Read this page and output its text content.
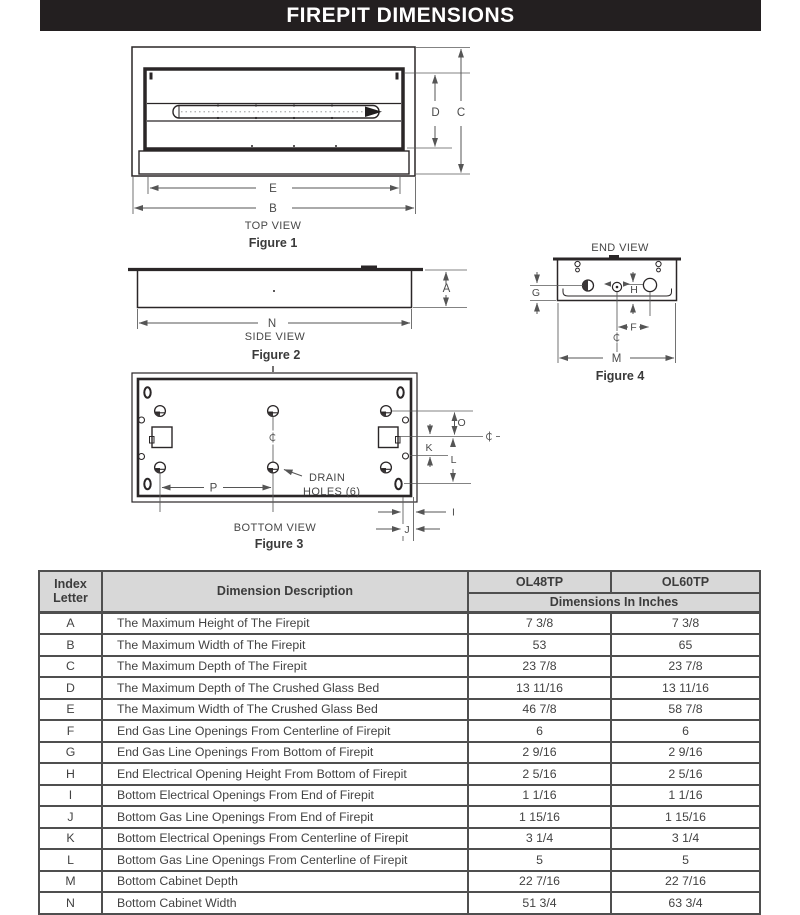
FIREPIT DIMENSIONS
D C
E
B
TOP VIEW
Figure 1
A
N
SIDE VIEW
Figure 2
END VIEW
G	H
F
M
Figure 4
P
DRAIN
HOLES (6)
O
K
L
I
J
BOTTOM VIEW
Figure 3
Index Letter	Dimension Description	OL48TP	OL60TP
		Dimensions In Inches	
A	The Maximum Height of The Firepit	7 3/8	7 3/8
B	The Maximum Width of The Firepit	53	65
C	The Maximum Depth of The Firepit	23 7/8	23 7/8
D	The Maximum Depth of The Crushed Glass Bed	13 11/16	13 11/16
E	The Maximum Width of The Crushed Glass Bed	46 7/8	58 7/8
F	End Gas Line Openings From Centerline of Firepit	6	6
G	End Gas Line Openings From Bottom of Firepit	2 9/16	2 9/16
H	End Electrical Opening Height From Bottom of Firepit	2 5/16	2 5/16
I	Bottom Electrical Openings From End of Firepit	1 1/16	1 1/16
J	Bottom Gas Line Openings From End of Firepit	1 15/16	1 15/16
K	Bottom Electrical Openings From Centerline of Firepit	3 1/4	3 1/4
L	Bottom Gas Line Openings From Centerline of Firepit	5	5
M	Bottom Cabinet Depth	22 7/16	22 7/16
N	Bottom Cabinet Width	51 3/4	63 3/4
